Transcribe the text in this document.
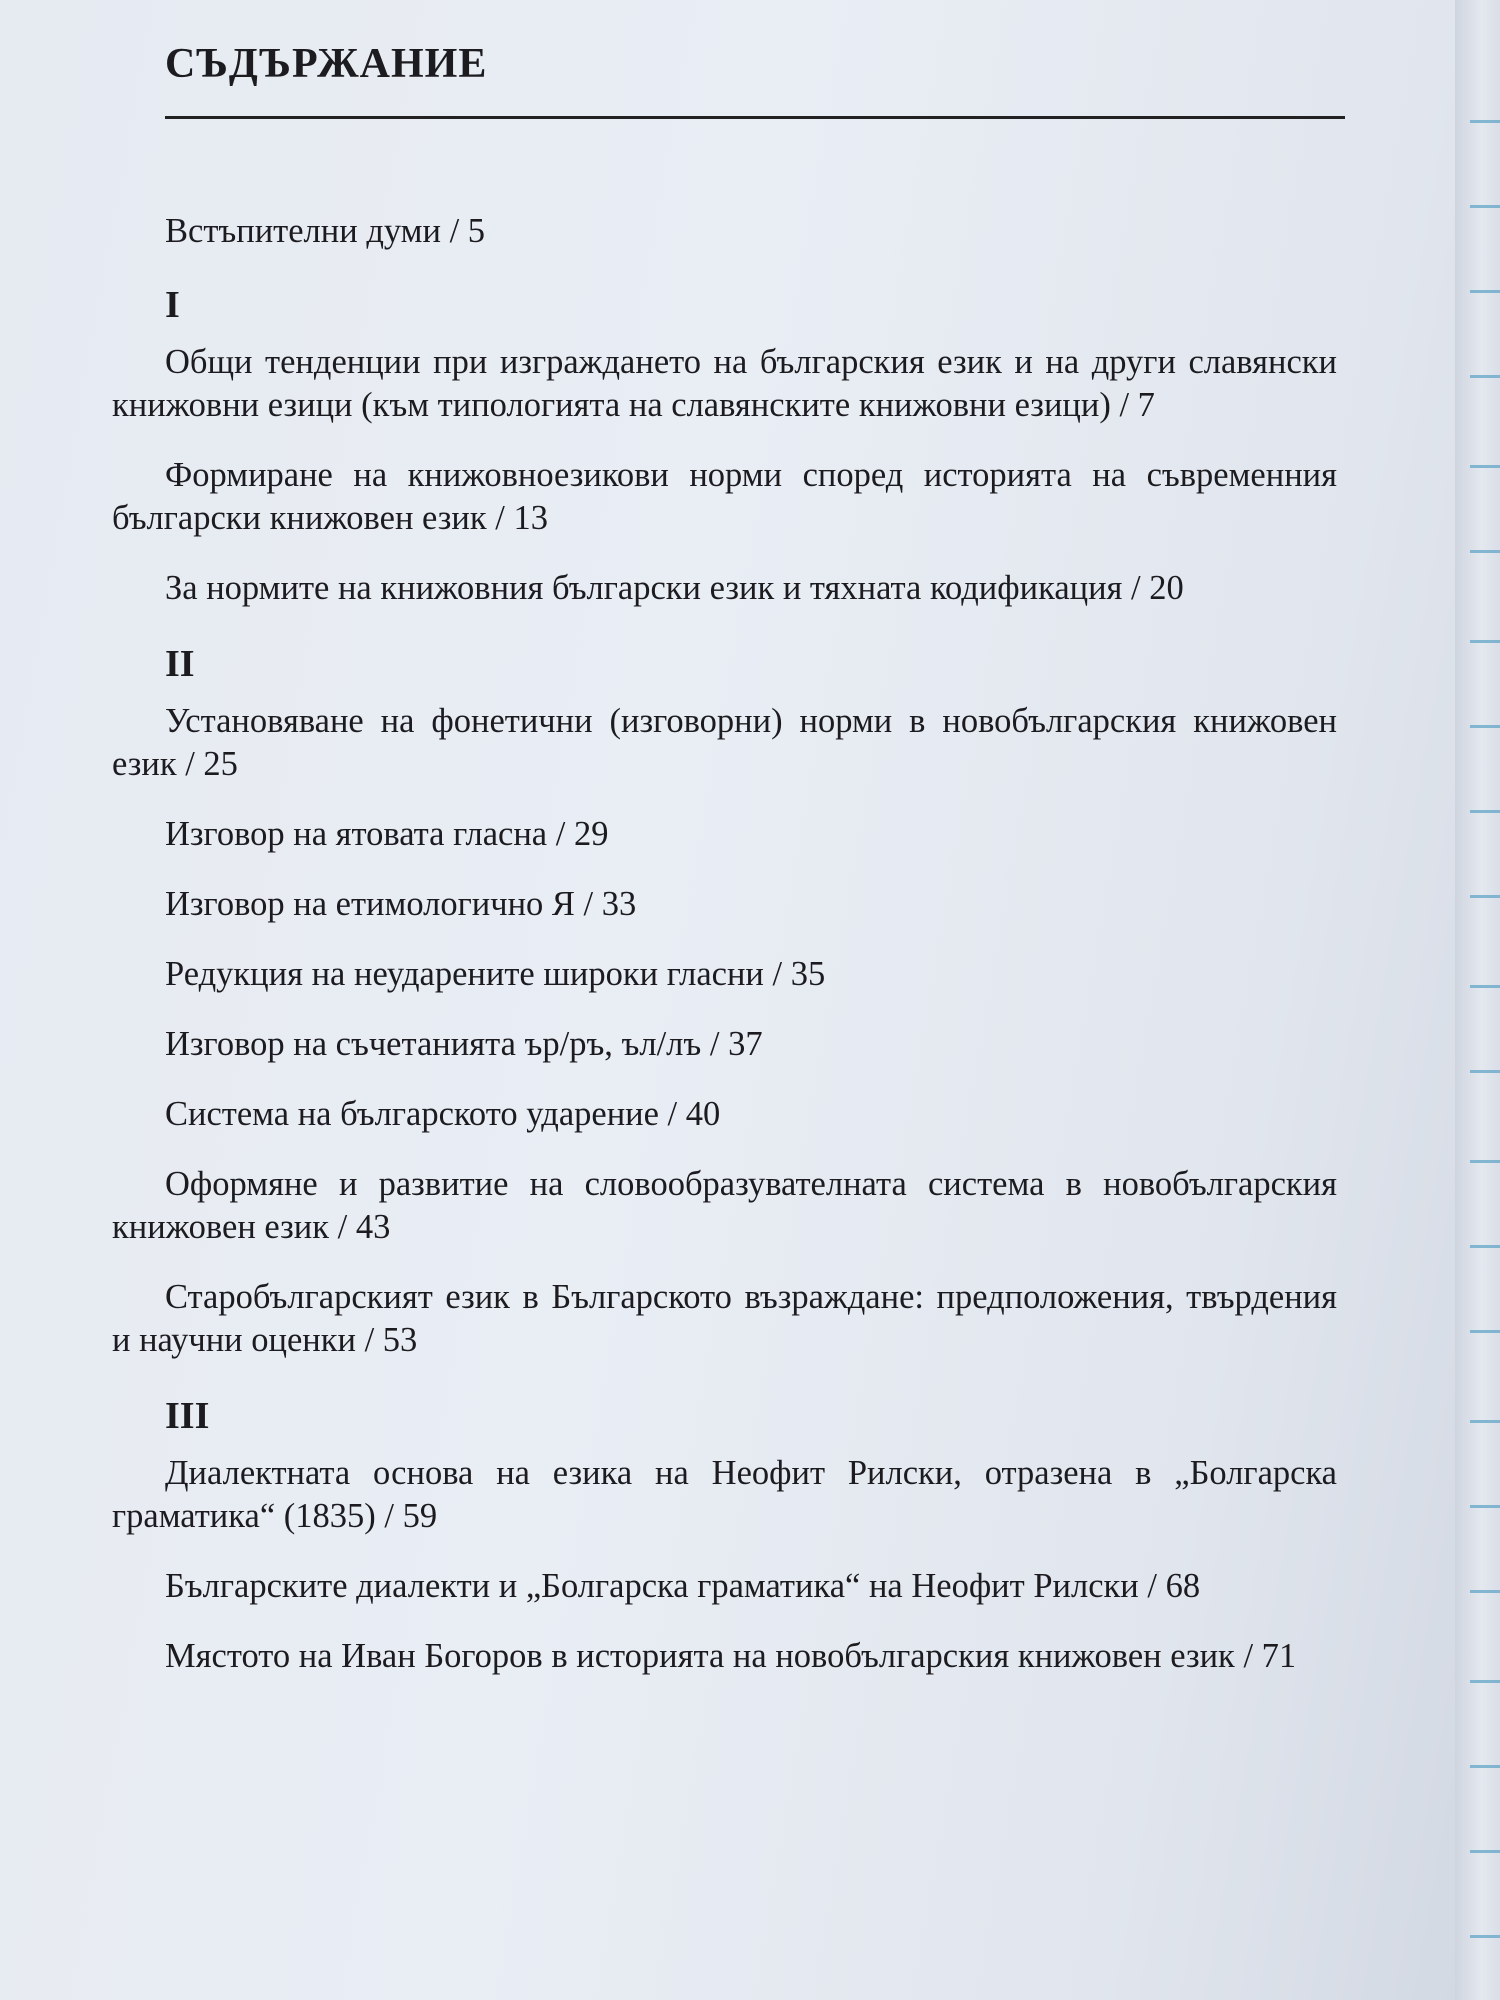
СЪДЪРЖАНИЕ

Встъпителни думи / 5

I

Общи тенденции при изграждането на българския език и на други славянски книжовни езици (към типологията на славянските книжовни езици) / 7

Формиране на книжовноезикови норми според историята на съвременния български книжовен език / 13

За нормите на книжовния български език и тяхната кодификация / 20

II

Установяване на фонетични (изговорни) норми в новобългарския книжовен език / 25

Изговор на ятовата гласна / 29

Изговор на етимологично Я / 33

Редукция на неударените широки гласни / 35

Изговор на съчетанията ър/ръ, ъл/лъ / 37

Система на българското ударение / 40

Оформяне и развитие на словообразувателната система в новобългарския книжовен език / 43

Старобългарският език в Българското възраждане: предположения, твърдения и научни оценки / 53

III

Диалектната основа на езика на Неофит Рилски, отразена в „Болгарска граматика“ (1835) / 59

Българските диалекти и „Болгарска граматика“ на Неофит Рилски / 68

Мястото на Иван Богоров в историята на новобългарския книжовен език / 71
